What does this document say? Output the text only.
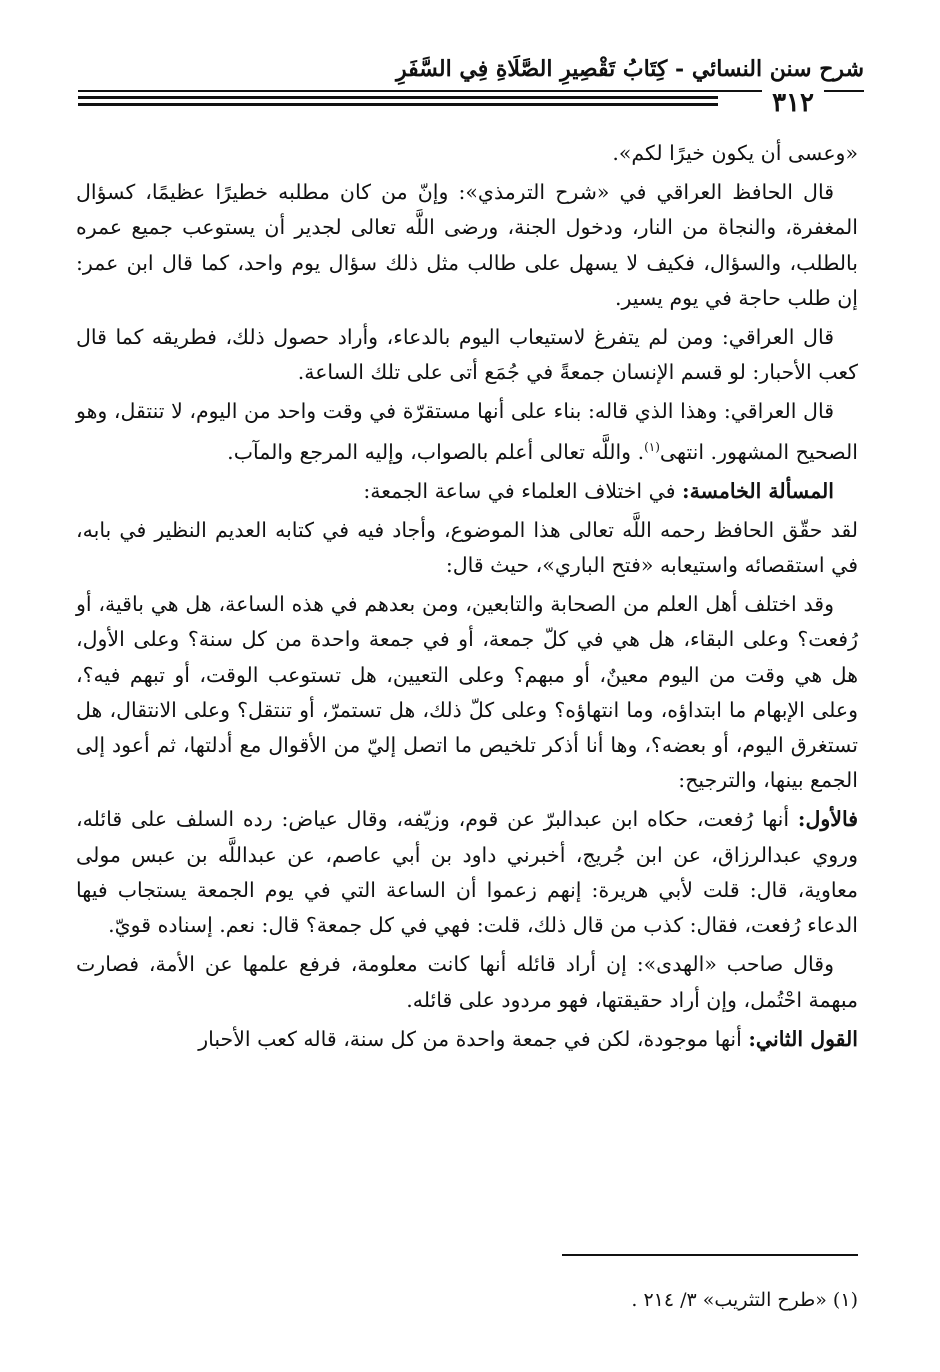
شرح سنن النسائي - كِتَابُ تَقْصِيرِ الصَّلَاةِ فِي السَّفَرِ
٣١٢

«وعسى أن يكون خيرًا لكم».

قال الحافظ العراقي في «شرح الترمذي»: وإنّ من كان مطلبه خطيرًا عظيمًا، كسؤال المغفرة، والنجاة من النار، ودخول الجنة، ورضى اللَّه تعالى لجدير أن يستوعب جميع عمره بالطلب، والسؤال، فكيف لا يسهل على طالب مثل ذلك سؤال يوم واحد، كما قال ابن عمر: إن طلب حاجة في يوم يسير.

قال العراقي: ومن لم يتفرغ لاستيعاب اليوم بالدعاء، وأراد حصول ذلك، فطريقه كما قال كعب الأحبار: لو قسم الإنسان جمعةً في جُمَع أتى على تلك الساعة.

قال العراقي: وهذا الذي قاله: بناء على أنها مستقرّة في وقت واحد من اليوم، لا تنتقل، وهو الصحيح المشهور. انتهى$^{(١)}$. واللَّه تعالى أعلم بالصواب، وإليه المرجع والمآب.

المسألة الخامسة: في اختلاف العلماء في ساعة الجمعة:

لقد حقّق الحافظ رحمه اللَّه تعالى هذا الموضوع، وأجاد فيه في كتابه العديم النظير في بابه، في استقصائه واستيعابه «فتح الباري»، حيث قال:

وقد اختلف أهل العلم من الصحابة والتابعين، ومن بعدهم في هذه الساعة، هل هي باقية، أو رُفعت؟ وعلى البقاء، هل هي في كلّ جمعة، أو في جمعة واحدة من كل سنة؟ وعلى الأول، هل هي وقت من اليوم معينٌ، أو مبهم؟ وعلى التعيين، هل تستوعب الوقت، أو تبهم فيه؟، وعلى الإبهام ما ابتداؤه، وما انتهاؤه؟ وعلى كلّ ذلك، هل تستمرّ، أو تنتقل؟ وعلى الانتقال، هل تستغرق اليوم، أو بعضه؟، وها أنا أذكر تلخيص ما اتصل إليّ من الأقوال مع أدلتها، ثم أعود إلى الجمع بينها، والترجيح:

فالأول: أنها رُفعت، حكاه ابن عبدالبرّ عن قوم، وزيّفه، وقال عياض: رده السلف على قائله، وروي عبدالرزاق، عن ابن جُريج، أخبرني داود بن أبي عاصم، عن عبداللَّه بن عبس مولى معاوية، قال: قلت لأبي هريرة: إنهم زعموا أن الساعة التي في يوم الجمعة يستجاب فيها الدعاء رُفعت، فقال: كذب من قال ذلك، قلت: فهي في كل جمعة؟ قال: نعم. إسناده قويّ.

وقال صاحب «الهدى»: إن أراد قائله أنها كانت معلومة، فرفع علمها عن الأمة، فصارت مبهمة احْتُمل، وإن أراد حقيقتها، فهو مردود على قائله.

القول الثاني: أنها موجودة، لكن في جمعة واحدة من كل سنة، قاله كعب الأحبار

(١) «طرح التثريب» ٣/ ٢١٤ .
